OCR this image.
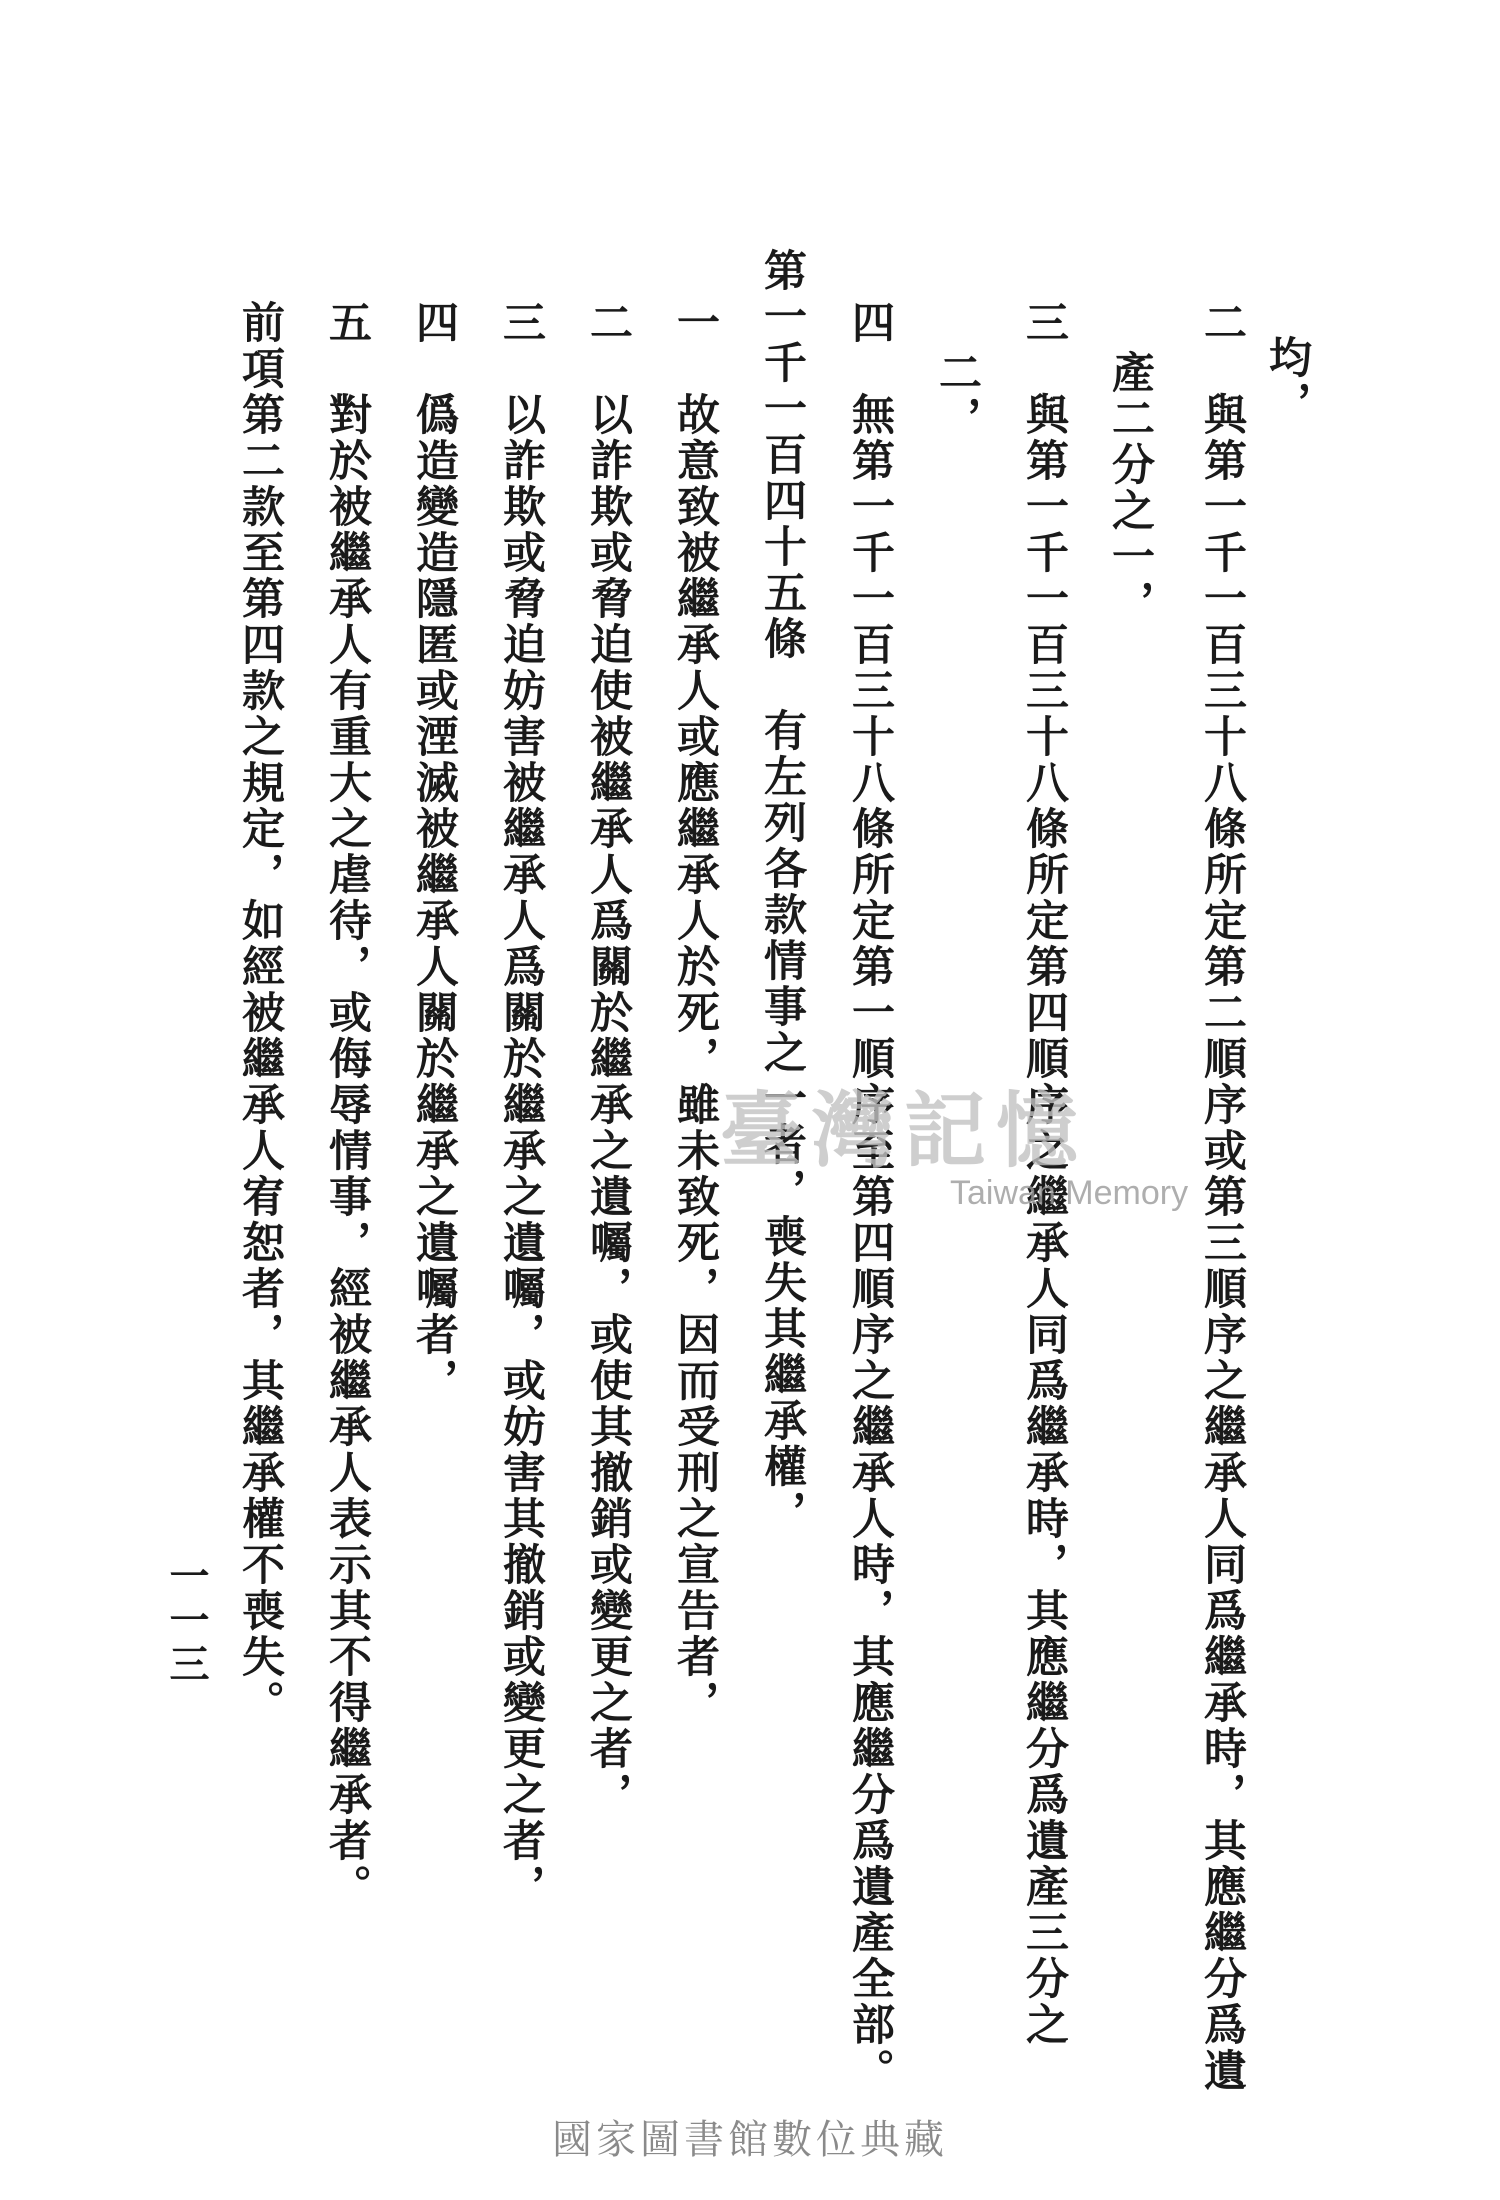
均，
二　與第一千一百三十八條所定第二順序或第三順序之繼承人同爲繼承時，其應繼分爲遺
產二分之一，
三　與第一千一百三十八條所定第四順序之繼承人同爲繼承時，其應繼分爲遺產三分之
二，
四　無第一千一百三十八條所定第一順序至第四順序之繼承人時，其應繼分爲遺產全部。
第一千一百四十五條　有左列各款情事之一者，喪失其繼承權，
一　故意致被繼承人或應繼承人於死，雖未致死，因而受刑之宣告者，
二　以詐欺或脅迫使被繼承人爲關於繼承之遺囑，或使其撤銷或變更之者，
三　以詐欺或脅迫妨害被繼承人爲關於繼承之遺囑，或妨害其撤銷或變更之者，
四　僞造變造隱匿或湮滅被繼承人關於繼承之遺囑者，
五　對於被繼承人有重大之虐待，或侮辱情事，經被繼承人表示其不得繼承者。
前項第二款至第四款之規定，如經被繼承人宥恕者，其繼承權不喪失。
一一三
臺灣記憶
Taiwan Memory
國家圖書館數位典藏
